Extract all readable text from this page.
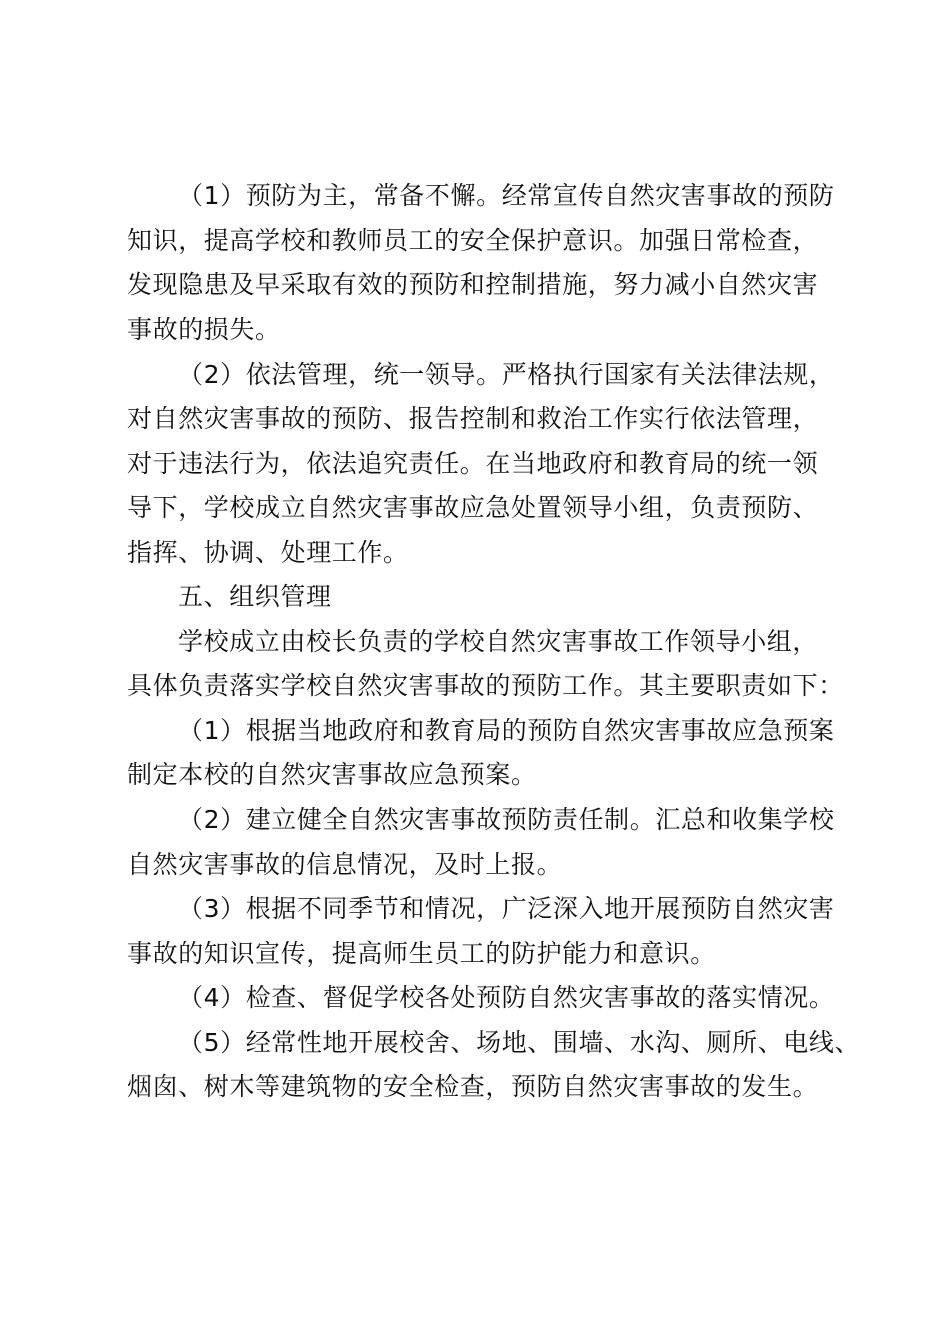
（1）预防为主，常备不懈。经常宣传自然灾害事故的预防

知识，提高学校和教师员工的安全保护意识。加强日常检查，

发现隐患及早采取有效的预防和控制措施，努力减小自然灾害

事故的损失。

（2）依法管理，统一领导。严格执行国家有关法律法规，

对自然灾害事故的预防、报告控制和救治工作实行依法管理，

对于违法行为，依法追究责任。在当地政府和教育局的统一领

导下，学校成立自然灾害事故应急处置领导小组，负责预防、

指挥、协调、处理工作。

五、组织管理

学校成立由校长负责的学校自然灾害事故工作领导小组，

具体负责落实学校自然灾害事故的预防工作。其主要职责如下：

（1）根据当地政府和教育局的预防自然灾害事故应急预案

制定本校的自然灾害事故应急预案。

（2）建立健全自然灾害事故预防责任制。汇总和收集学校

自然灾害事故的信息情况，及时上报。

（3）根据不同季节和情况，广泛深入地开展预防自然灾害

事故的知识宣传，提高师生员工的防护能力和意识。

（4）检查、督促学校各处预防自然灾害事故的落实情况。

（5）经常性地开展校舍、场地、围墙、水沟、厕所、电线、

烟囱、树木等建筑物的安全检查，预防自然灾害事故的发生。
